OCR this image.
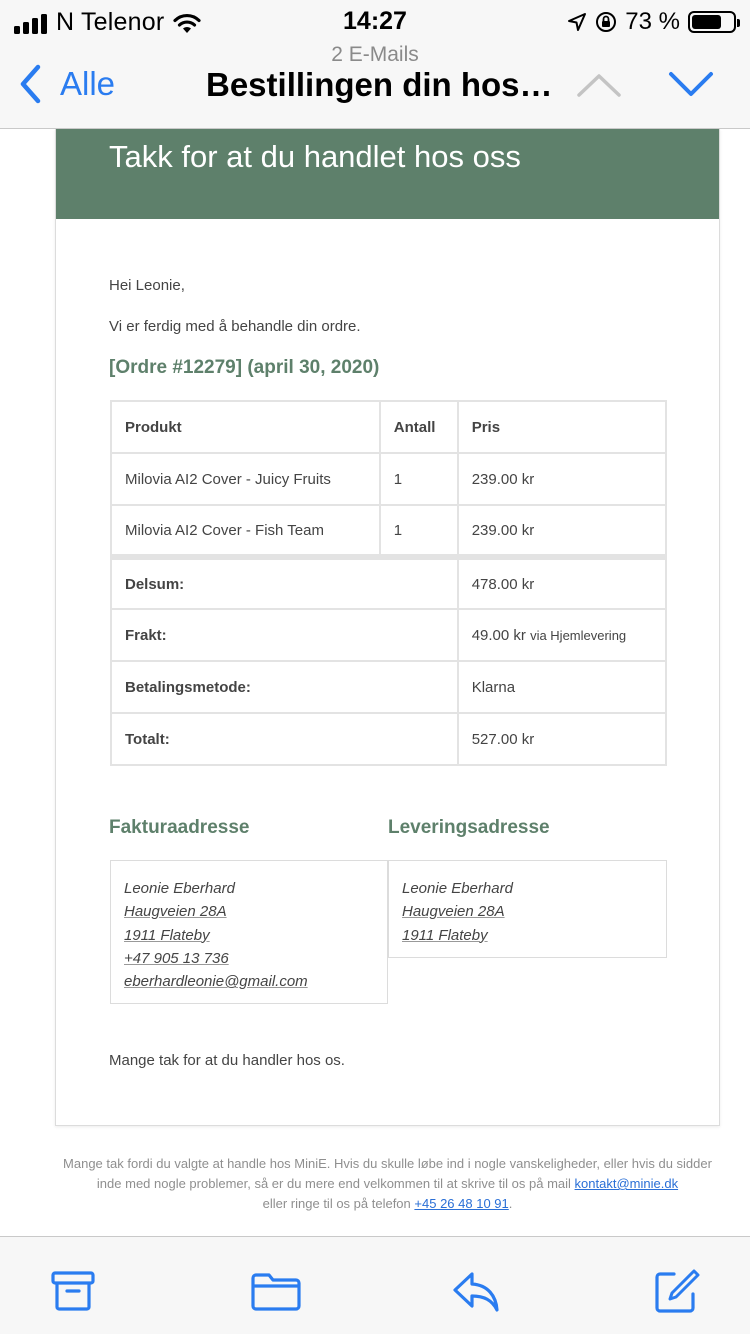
N Telenor	14:27	73 %
2 E-Mails
Alle	Bestillingen din hos…
Takk for at du handlet hos oss
Hei Leonie,
Vi er ferdig med å behandle din ordre.
[Ordre #12279] (april 30, 2020)
Produkt	Antall	Pris
Milovia AI2 Cover - Juicy Fruits	1	239.00 kr
Milovia AI2 Cover - Fish Team	1	239.00 kr
Delsum:		478.00 kr
Frakt:		49.00 kr via Hjemlevering
Betalingsmetode:		Klarna
Totalt:		527.00 kr
Fakturaadresse	Leveringsadresse
Leonie Eberhard
Haugveien 28A
1911 Flateby
+47 905 13 736
eberhardleonie@gmail.com
Leonie Eberhard
Haugveien 28A
1911 Flateby
Mange tak for at du handler hos os.
Mange tak fordi du valgte at handle hos MiniE. Hvis du skulle løbe ind i nogle vanskeligheder, eller hvis du sidder inde med nogle problemer, så er du mere end velkommen til at skrive til os på mail kontakt@minie.dk
eller ringe til os på telefon +45 26 48 10 91.
